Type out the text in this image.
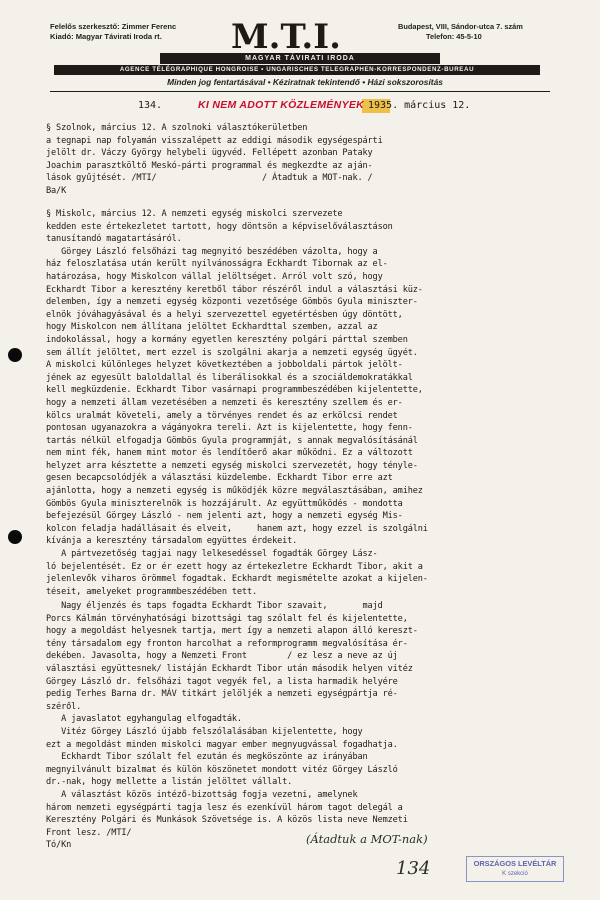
Felelős szerkesztő: Zimmer Ferenc
Kiadó: Magyar Távirati Iroda rt.	M.T.I.	Budapest, VIII, Sándor-utca 7. szám
Telefon: 45-5-10
MAGYAR TÁVIRATI IRODA
AGENCE TÉLÉGRAPHIQUE HONGROISE • UNGARISCHES TELEGRAPHEN-KORRESPONDENZ-BUREAU
Minden jog fentartásával • Kéziratnak tekintendő • Házi sokszorosítás
134.	KI NEM ADOTT KÖZLEMÉNYEK 1935. március 12.
§ Szolnok, március 12. A szolnoki választókerületben
a tegnapi nap folyamán visszalépett az eddigi második egységespárti
jelölt dr. Váczy György helybeli ügyvéd. Fellépett azonban Pataky
Joachim parasztköltő Meskó-párti programmal és megkezdte az aján-
lások gyűjtését. /MTI/                     / Átadtuk a MOT-nak. /
Ba/K

§ Miskolc, március 12. A nemzeti egység miskolci szervezete
kedden este értekezletet tartott, hogy döntsön a képviselőválasztáson
tanusítandó magatartásáról.
Görgey László felsőházi tag megnyitó beszédében vázolta, hogy a
ház feloszlatása után került nyilvánosságra Eckhardt Tibornak az el-
határozása, hogy Miskolcon vállal jelöltséget. Arról volt szó, hogy
Eckhardt Tibor a keresztény keretből tábor részéről indul a választási küz-
delemben, így a nemzeti egység központi vezetősége Gömbös Gyula miniszter-
elnök jóváhagyásával és a helyi szervezettel egyetértésben úgy döntött,
hogy Miskolcon nem állítana jelöltet Eckhardttal szemben, azzal az
indokolással, hogy a kormány egyetlen keresztény polgári párttal szemben
sem állít jelöltet, mert ezzel is szolgálni akarja a nemzeti egység ügyét.
A miskolci különleges helyzet következtében a jobboldali pártok jelölt-
jének az egyesült baloldallal és liberálisokkal és a szociáldemokratákkal
kell megküzdenie. Eckhardt Tibor vasárnapi programmbeszédében kijelentette,
hogy a nemzeti állam vezetésében a nemzeti és keresztény szellem és er-
kölcs uralmát követeli, amely a törvényes rendet és az erkölcsi rendet
pontosan ugyanazokra a vágányokra tereli. Azt is kijelentette, hogy fenn-
tartás nélkül elfogadja Gömbös Gyula programmját, s annak megvalósításánál
nem mint fék, hanem mint motor és lendítőerő akar működni. Ez a változott
helyzet arra késztette a nemzeti egység miskolci szervezetét, hogy tényle-
gesen becapcsolódjék a választási küzdelembe. Eckhardt Tibor erre azt
ajánlotta, hogy a nemzeti egység is működjék közre megválasztásában, amihez
Gömbös Gyula miniszterelnök is hozzájárult. Az együttműködés - mondotta
befejezésül Görgey László - nem jelenti azt, hogy a nemzeti egység Mis-
kolcon feladja hadállásait és elveit,     hanem azt, hogy ezzel is szolgálni
kívánja a keresztény társadalom együttes érdekeit.
A pártvezetőség tagjai nagy lelkesedéssel fogadták Görgey Lász-
ló bejelentését. Ez or ér ezett hogy az értekezletre Eckhardt Tibor, akit a
jelenlevők viharos örömmel fogadtak. Eckhardt megismételte azokat a kijelen-
téseit, amelyeket programmbeszédében tett.

Nagy éljenzés és taps fogadta Eckhardt Tibor szavait,       majd
Porcs Kálmán törvényhatósági bizottsági tag szólalt fel és kijelentette,
hogy a megoldást helyesnek tartja, mert így a nemzeti alapon álló kereszt-
tény társadalom egy fronton harcolhat a reformprogramm megvalósítása ér-
dekében. Javasolta, hogy a Nemzeti Front        / ez lesz a neve az új
választási együttesnek/ listáján Eckhardt Tibor után második helyen vitéz
Görgey László dr. felsőházi tagot vegyék fel, a lista harmadik helyére
pedig Terhes Barna dr. MÁV titkárt jelöljék a nemzeti egységpártja ré-
széről.
A javaslatot egyhangulag elfogadták.
Vitéz Görgey László újabb felszólalásában kijelentette, hogy
ezt a megoldást minden miskolci magyar ember megnyugvással fogadhatja.
Eckhardt Tibor szólalt fel ezután és megköszönte az irányában
megnyilvánult bizalmat és külön köszönetet mondott vitéz Görgey László
dr.-nak, hogy mellette a listán jelöltet vállalt.
A választást közös intéző-bizottság fogja vezetni, amelynek
három nemzeti egységpárti tagja lesz és ezenkívül három tagot delegál a
Keresztény Polgári és Munkások Szövetsége is. A közös lista neve Nemzeti
Front lesz. /MTI/
Tó/Kn	(Átadtuk a MOT-nak)
134	ORSZÁGOS LEVÉLTÁR
K szekció
